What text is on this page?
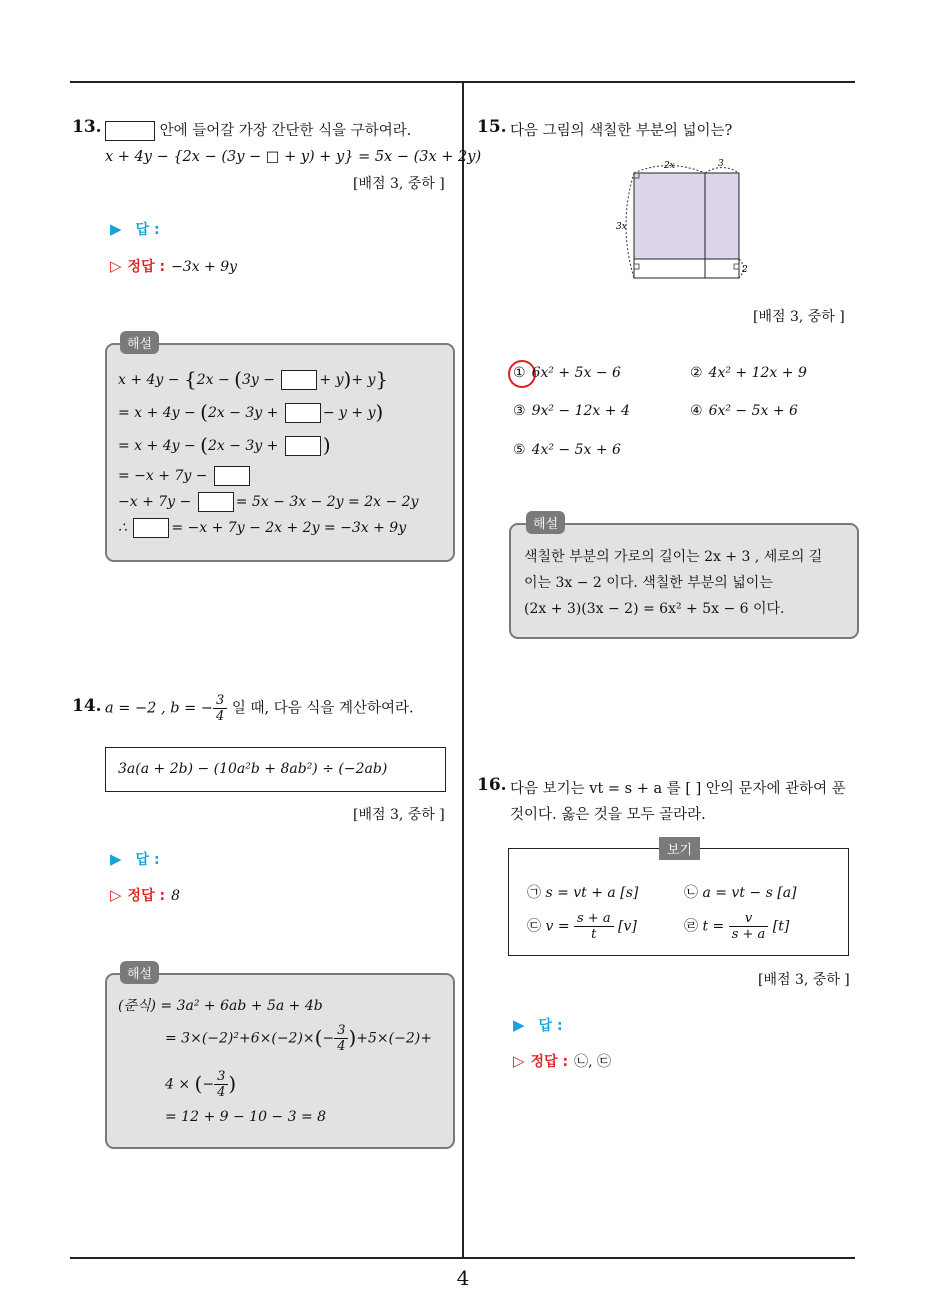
13.	안에 들어갈 가장 간단한 식을 구하여라.
x + 4y − {2x − (3y − □ + y) + y} = 5x − (3x + 2y)
[배점 3, 중하 ]
▶ 답 :
▷ 정답 : −3x + 9y
x + 4y − {2x − (3y −	+ y)+ y}
= x + 4y − (2x − 3y +	− y + y)
= x + 4y − (2x − 3y + )
= −x + 7y −
−x + 7y −	= 5x − 3x − 2y = 2x − 2y
∴	= −x + 7y − 2x + 2y = −3x + 9y
해설
14. a = −2 , b = − $\frac{3}{4}$ 일 때, 다음 식을 계산하여라.
3a(a + 2b) − (10a²b + 8ab²) ÷ (−2ab)
[배점 3, 중하 ]
▶ 답 :
▷ 정답 : 8
(준식) = 3a² + 6ab + 5a + 4b
= $3\times(-2)^2+6\times(-2)\times(- \frac{3}{4} )+5\times(-2)+$
4 × (− $\frac{3}{4}$ )
= 12 + 9 − 10 − 3 = 8
해설
15. 다음 그림의 색칠한 부분의 넓이는?
2x	3
3x
2
[배점 3, 중하 ]
① 6x² + 5x − 6	② 4x² + 12x + 9
③ 9x² − 12x + 4	④ 6x² − 5x + 6
⑤ 4x² − 5x + 6
색칠한 부분의 가로의 길이는 2x + 3 , 세로의 길
이는 3x − 2 이다. 색칠한 부분의 넓이는
(2x + 3)(3x − 2) = 6x² + 5x − 6 이다.
해설
16. 다음 보기는 vt = s + a 를 [ ] 안의 문자에 관하여 푼
것이다. 옳은 것을 모두 골라라.
㉠ s = vt + a [s]	㉡ a = vt − s [a]
㉢ $v = \frac{s + a}{t} [v]$	㉣ $t = \frac{v}{s + a} [t]$
보기
[배점 3, 중하 ]
▶ 답 :
▷ 정답 : ㉡, ㉢
4
